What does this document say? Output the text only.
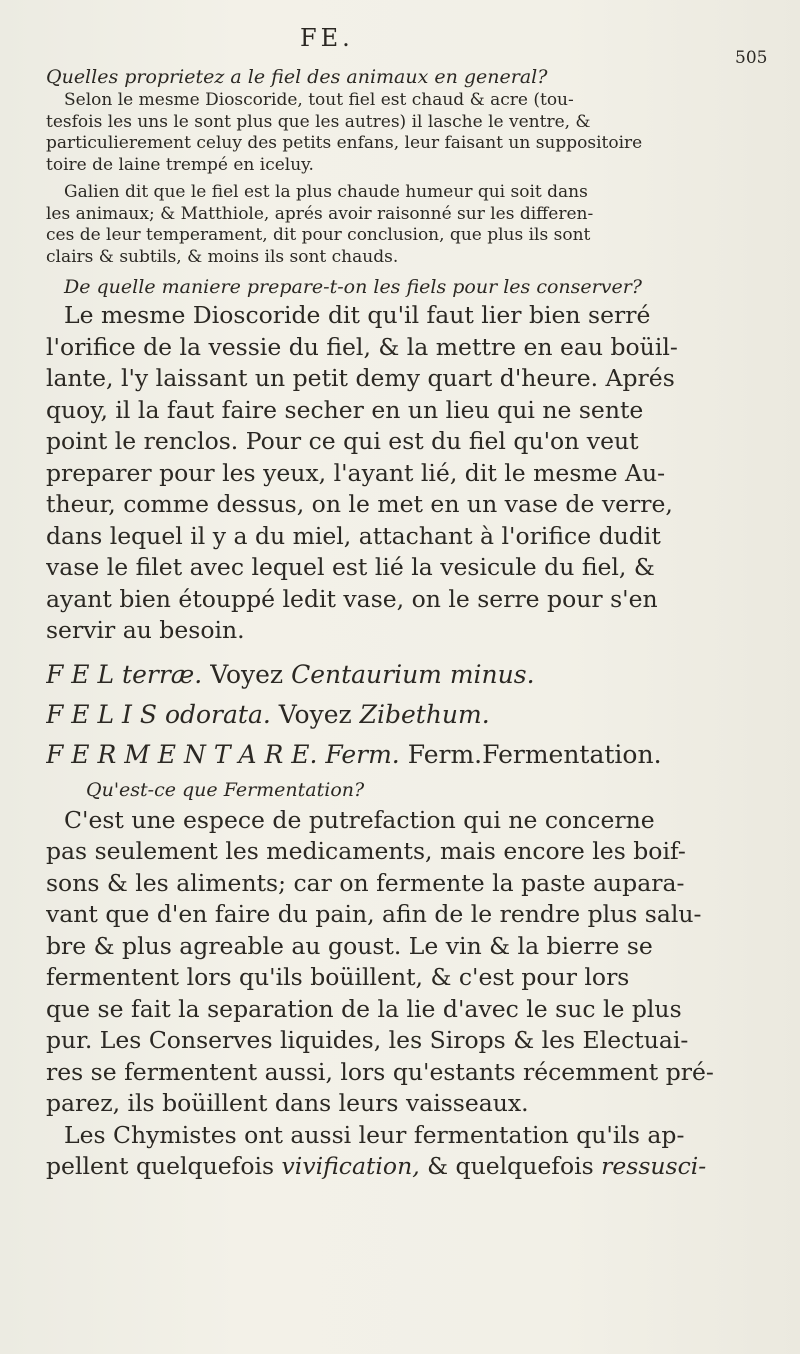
FE.
505
Quelles proprietez a le fiel des animaux en general?
Selon le mesme Dioscoride, tout fiel est chaud & acre (tou-
tesfois les uns le sont plus que les autres) il lasche le ventre, &
particulierement celuy des petits enfans, leur faisant un suppositoire
toire de laine trempé en iceluy.
Galien dit que le fiel est la plus chaude humeur qui soit dans
les animaux; & Matthiole, aprés avoir raisonné sur les differen-
ces de leur temperament, dit pour conclusion, que plus ils sont
clairs & subtils, & moins ils sont chauds.
De quelle maniere prepare-t-on les fiels pour les conserver?
Le mesme Dioscoride dit qu'il faut lier bien serré
l'orifice de la vessie du fiel, & la mettre en eau boüil-
lante, l'y laissant un petit demy quart d'heure. Aprés
quoy, il la faut faire secher en un lieu qui ne sente
point le renclos. Pour ce qui est du fiel qu'on veut
preparer pour les yeux, l'ayant lié, dit le mesme Au-
theur, comme dessus, on le met en un vase de verre,
dans lequel il y a du miel, attachant à l'orifice dudit
vase le filet avec lequel est lié la vesicule du fiel, &
ayant bien étouppé ledit vase, on le serre pour s'en
servir au besoin.
F E L terræ. Voyez Centaurium minus.
F E L I S odorata. Voyez Zibethum.
F E R M E N T A R E. Ferm. Ferm.Fermentation.
Qu'est-ce que Fermentation?
C'est une espece de putrefaction qui ne concerne
pas seulement les medicaments, mais encore les boif-
sons & les aliments; car on fermente la paste aupara-
vant que d'en faire du pain, afin de le rendre plus salu-
bre & plus agreable au goust. Le vin & la bierre se
fermentent lors qu'ils boüillent, & c'est pour lors
que se fait la separation de la lie d'avec le suc le plus
pur. Les Conserves liquides, les Sirops & les Electuai-
res se fermentent aussi, lors qu'estants récemment pré-
parez, ils boüillent dans leurs vaisseaux.
Les Chymistes ont aussi leur fermentation qu'ils ap-
pellent quelquefois vivification, & quelquefois ressusci-
